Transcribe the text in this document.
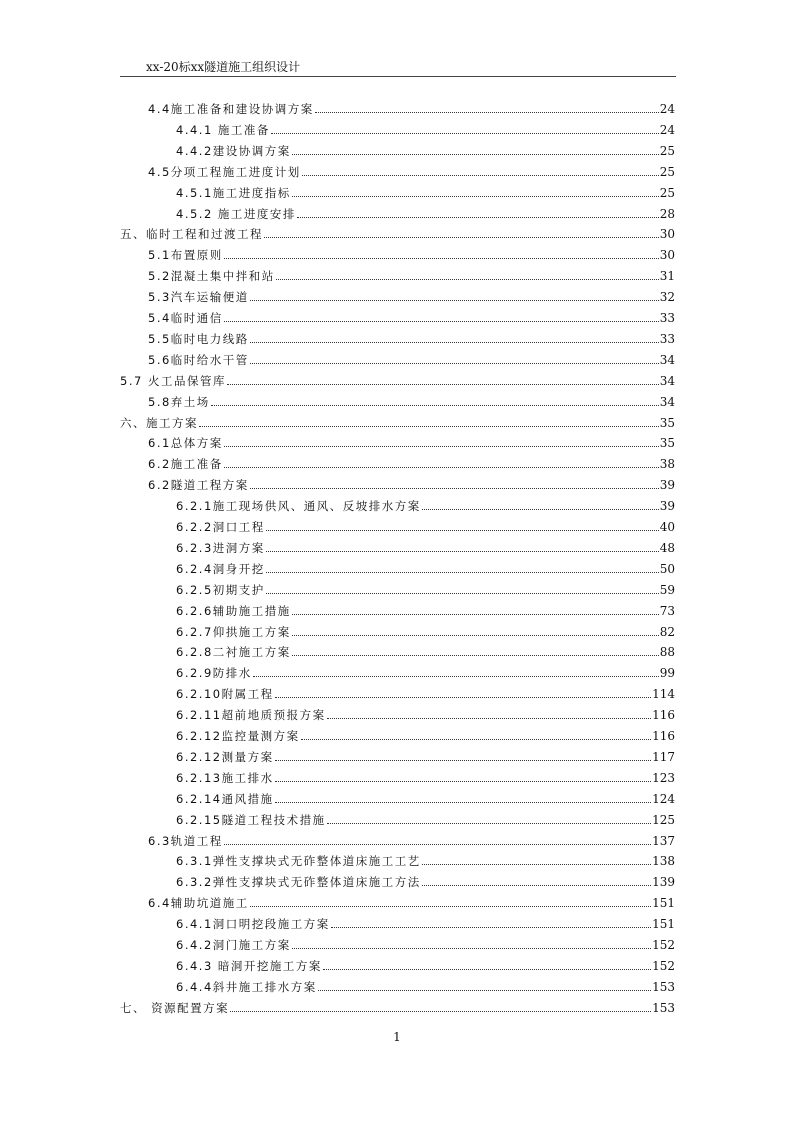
xx-20标xx隧道施工组织设计
4.4施工准备和建设协调方案	24
4.4.1 施工准备	24
4.4.2建设协调方案	25
4.5分项工程施工进度计划	25
4.5.1施工进度指标	25
4.5.2 施工进度安排	28
五、临时工程和过渡工程	30
5.1布置原则	30
5.2混凝土集中拌和站	31
5.3汽车运输便道	32
5.4临时通信	33
5.5临时电力线路	33
5.6临时给水干管	34
5.7 火工品保管库	34
5.8弃土场	34
六、施工方案	35
6.1总体方案	35
6.2施工准备	38
6.2隧道工程方案	39
6.2.1施工现场供风、通风、反坡排水方案	39
6.2.2洞口工程	40
6.2.3进洞方案	48
6.2.4洞身开挖	50
6.2.5初期支护	59
6.2.6辅助施工措施	73
6.2.7仰拱施工方案	82
6.2.8二衬施工方案	88
6.2.9防排水	99
6.2.10附属工程	114
6.2.11超前地质预报方案	116
6.2.12监控量测方案	116
6.2.12测量方案	117
6.2.13施工排水	123
6.2.14通风措施	124
6.2.15隧道工程技术措施	125
6.3轨道工程	137
6.3.1弹性支撑块式无砟整体道床施工工艺	138
6.3.2弹性支撑块式无砟整体道床施工方法	139
6.4辅助坑道施工	151
6.4.1洞口明挖段施工方案	151
6.4.2洞门施工方案	152
6.4.3 暗洞开挖施工方案	152
6.4.4斜井施工排水方案	153
七、 资源配置方案	153
1
